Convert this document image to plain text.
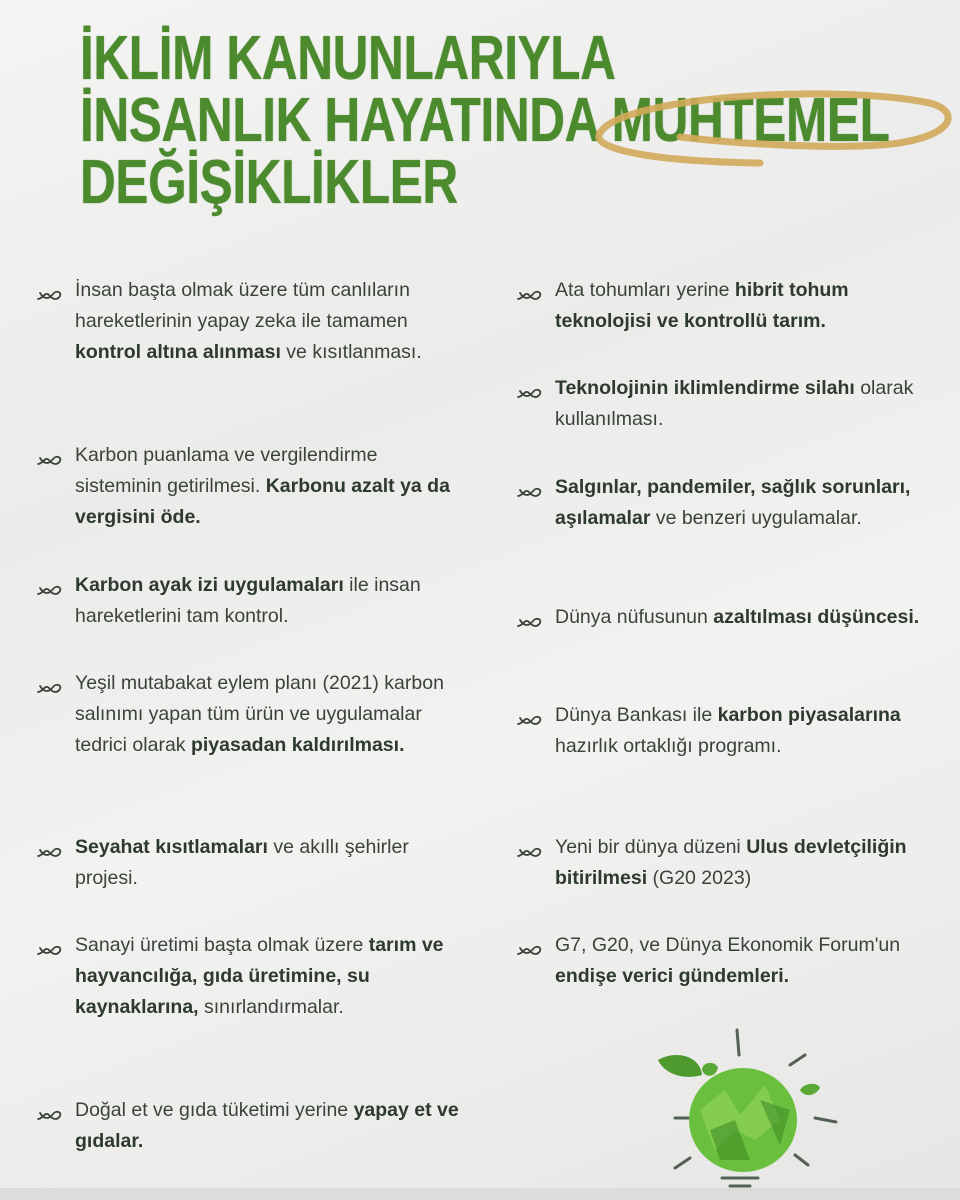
İKLİM KANUNLARIYLA
İNSANLIK HAYATINDA MUHTEMEL
DEĞİŞİKLİKLER
İnsan başta olmak üzere tüm canlıların hareketlerinin yapay zeka ile tamamen kontrol altına alınması ve kısıtlanması.
Karbon puanlama ve vergilendirme sisteminin getirilmesi. Karbonu azalt ya da vergisini öde.
Karbon ayak izi uygulamaları ile insan hareketlerini tam kontrol.
Yeşil mutabakat eylem planı (2021) karbon salınımı yapan tüm ürün ve uygulamalar tedrici olarak piyasadan kaldırılması.
Seyahat kısıtlamaları ve akıllı şehirler projesi.
Sanayi üretimi başta olmak üzere tarım ve hayvancılığa, gıda üretimine, su kaynaklarına, sınırlandırmalar.
Doğal et ve gıda tüketimi yerine yapay et ve gıdalar.
Ata tohumları yerine hibrit tohum teknolojisi ve kontrollü tarım.
Teknolojinin iklimlendirme silahı olarak kullanılması.
Salgınlar, pandemiler, sağlık sorunları, aşılamalar ve benzeri uygulamalar.
Dünya nüfusunun azaltılması düşüncesi.
Dünya Bankası ile karbon piyasalarına hazırlık ortaklığı programı.
Yeni bir dünya düzeni Ulus devletçiliğin bitirilmesi (G20 2023)
G7, G20, ve Dünya Ekonomik Forum'un endişe verici gündemleri.
